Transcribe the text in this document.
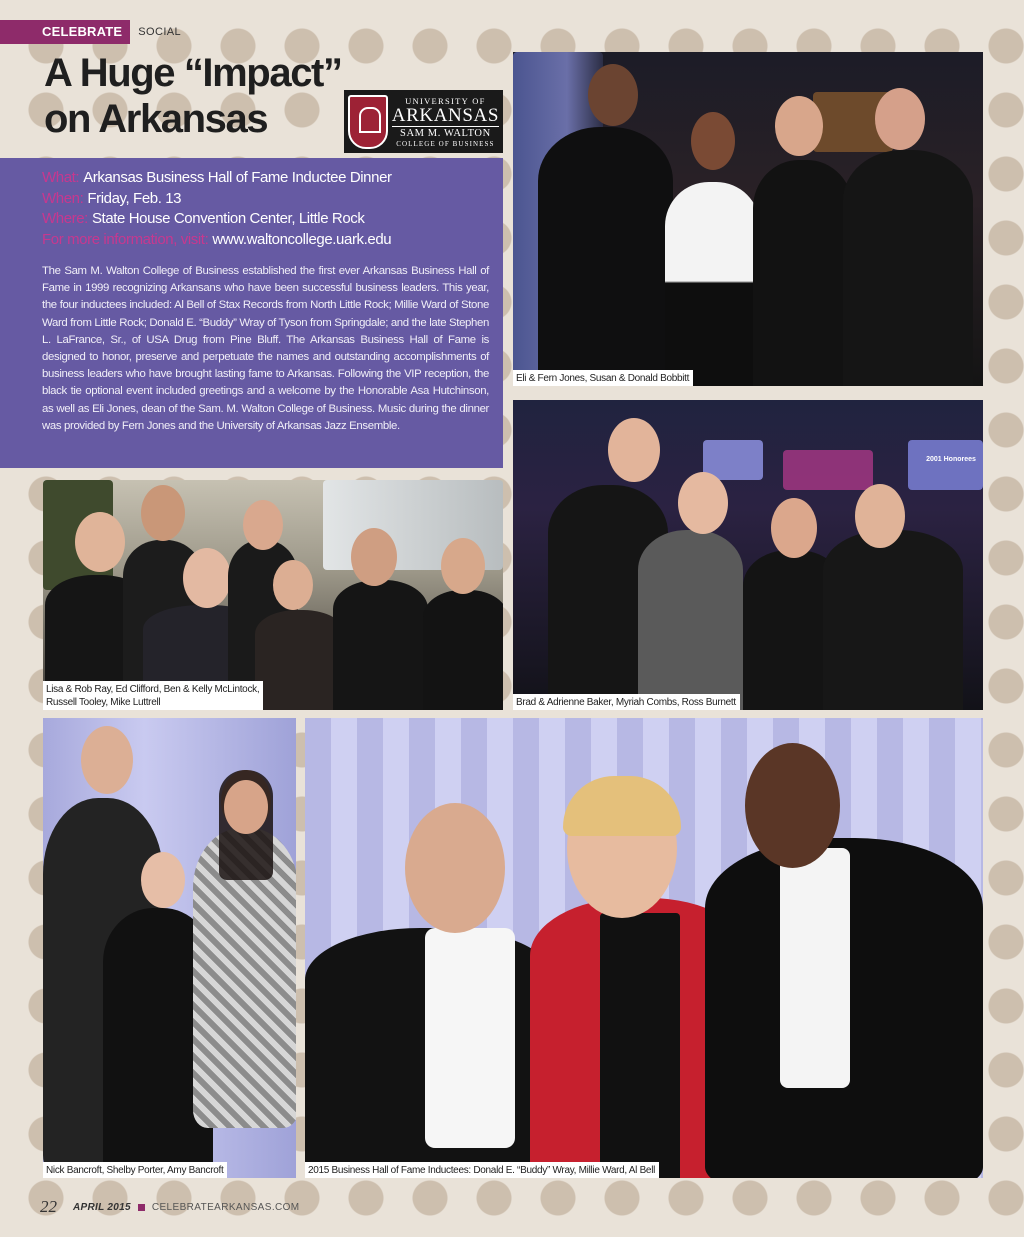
CELEBRATE	SOCIAL
A Huge “Impact”
on Arkansas	UNIVERSITY OF
ARKANSAS
SAM M. WALTON
COLLEGE OF BUSINESS
What: Arkansas Business Hall of Fame Inductee Dinner
When: Friday, Feb. 13
Where: State House Convention Center, Little Rock
For more information, visit: www.waltoncollege.uark.edu

The Sam M. Walton College of Business established the first ever Arkansas Business Hall of Fame in 1999 recognizing Arkansans who have been successful business leaders. This year, the four inductees included: Al Bell of Stax Records from North Little Rock; Millie Ward of Stone Ward from Little Rock; Donald E. “Buddy” Wray of Tyson from Springdale; and the late Stephen L. LaFrance, Sr., of USA Drug from Pine Bluff. The Arkansas Business Hall of Fame is designed to honor, preserve and perpetuate the names and outstanding accomplishments of business leaders who have brought lasting fame to Arkansas. Following the VIP reception, the black tie optional event included greetings and a welcome by the Honorable Asa Hutchinson, as well as Eli Jones, dean of the Sam. M. Walton College of Business. Music during the dinner was provided by Fern Jones and the University of Arkansas Jazz Ensemble.

Eli & Fern Jones, Susan & Donald Bobbitt
Lisa & Rob Ray, Ed Clifford, Ben & Kelly McLintock,
Russell Tooley, Mike Luttrell
2001 Honorees
Brad & Adrienne Baker, Myriah Combs, Ross Burnett
Nick Bancroft, Shelby Porter, Amy Bancroft	2015 Business Hall of Fame Inductees: Donald E. “Buddy” Wray, Millie Ward, Al Bell
22 APRIL 2015 CELEBRATEARKANSAS.COM
